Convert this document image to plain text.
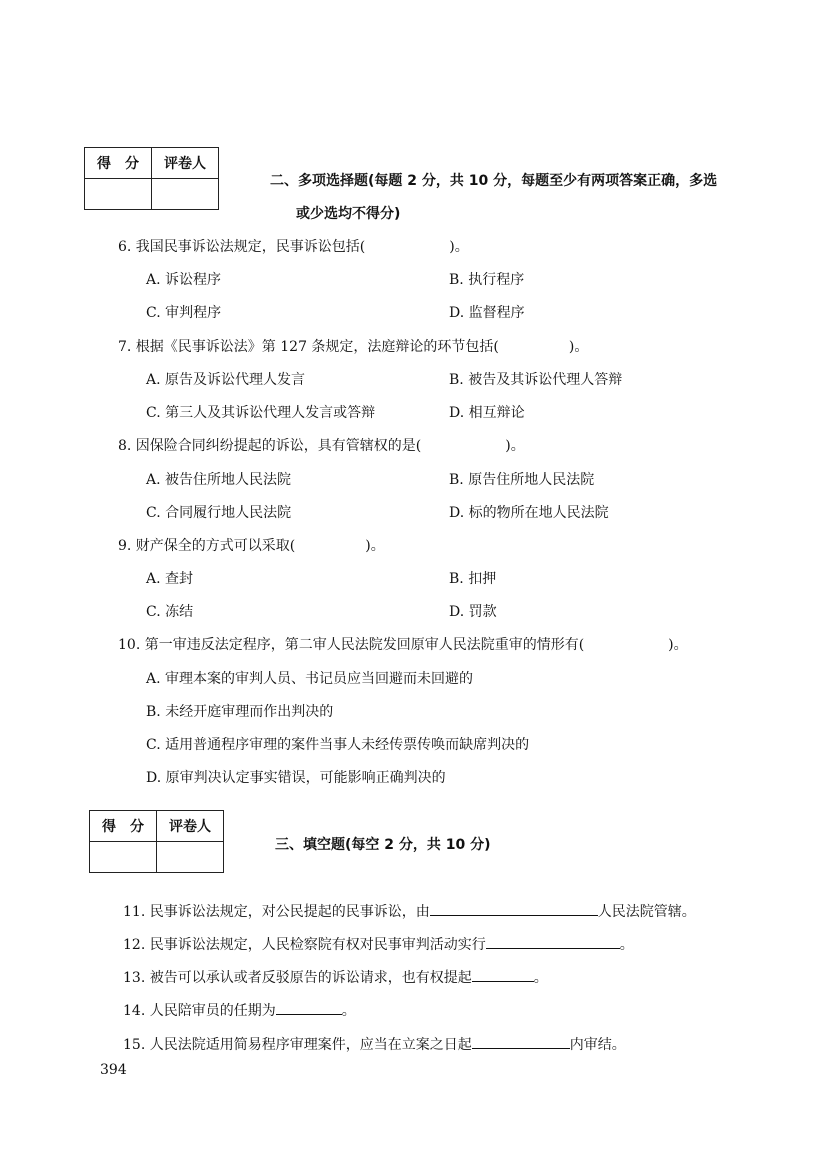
得　分	评卷人

二、多项选择题(每题 2 分，共 10 分，每题至少有两项答案正确，多选
或少选均不得分)
6. 我国民事诉讼法规定，民事诉讼包括(　　　　　　)。
A. 诉讼程序	B. 执行程序
C. 审判程序	D. 监督程序
7. 根据《民事诉讼法》第 127 条规定，法庭辩论的环节包括(　　　　　)。
A. 原告及诉讼代理人发言	B. 被告及其诉讼代理人答辩
C. 第三人及其诉讼代理人发言或答辩	D. 相互辩论
8. 因保险合同纠纷提起的诉讼，具有管辖权的是(　　　　　　)。
A. 被告住所地人民法院	B. 原告住所地人民法院
C. 合同履行地人民法院	D. 标的物所在地人民法院
9. 财产保全的方式可以采取(　　　　　)。
A. 查封	B. 扣押
C. 冻结	D. 罚款
10. 第一审违反法定程序，第二审人民法院发回原审人民法院重审的情形有(　　　　　　)。
A. 审理本案的审判人员、书记员应当回避而未回避的
B. 未经开庭审理而作出判决的
C. 适用普通程序审理的案件当事人未经传票传唤而缺席判决的
D. 原审判决认定事实错误，可能影响正确判决的
得　分	评卷人

三、填空题(每空 2 分，共 10 分)
11. 民事诉讼法规定，对公民提起的民事诉讼，由	人民法院管辖。
12. 民事诉讼法规定，人民检察院有权对民事审判活动实行	。
13. 被告可以承认或者反驳原告的诉讼请求，也有权提起	。
14. 人民陪审员的任期为	。
15. 人民法院适用简易程序审理案件，应当在立案之日起	内审结。
394
